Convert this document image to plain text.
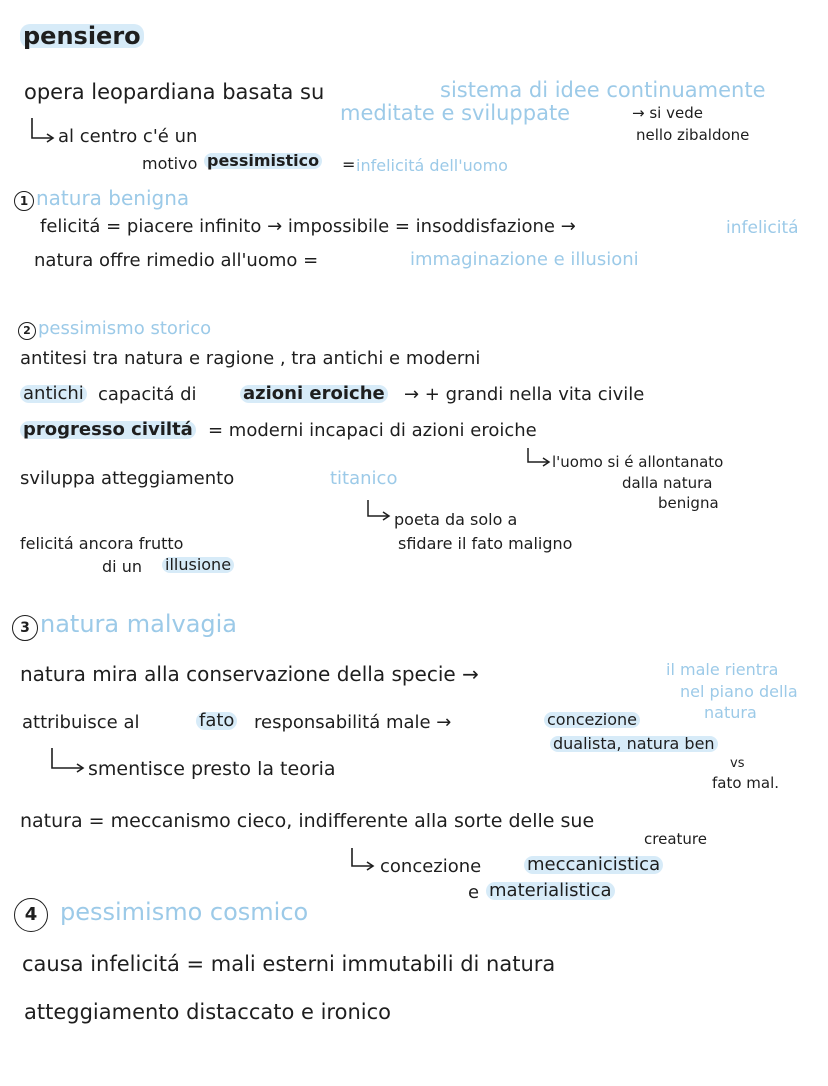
pensiero
opera leopardiana basata su	sistema di idee continuamente
meditate e sviluppate	→ si vede
nello zibaldone
al centro c'é un
motivo pessimistico = infelicitá dell'uomo
1 natura benigna
felicitá = piacere infinito → impossibile = insoddisfazione →	infelicitá
natura offre rimedio all'uomo =	immaginazione e illusioni
2 pessimismo storico
antitesi tra natura e ragione , tra antichi e moderni
antichi capacitá di	azioni eroiche → + grandi nella vita civile
progresso civiltá = moderni incapaci di azioni eroiche
l'uomo si é allontanato
dalla natura
benigna
sviluppa atteggiamento	titanico
poeta da solo a
sfidare il fato maligno
felicitá ancora frutto
di un illusione
3 natura malvagia
natura mira alla conservazione della specie →	il male rientra
nel piano della
natura
attribuisce al	fato responsabilitá male →	concezione
dualista, natura ben
vs
fato mal.
smentisce presto la teoria
natura = meccanismo cieco, indifferente alla sorte delle sue
creature
concezione	meccanicistica
e materialistica
4 pessimismo cosmico
causa infelicitá = mali esterni immutabili di natura
atteggiamento distaccato e ironico
